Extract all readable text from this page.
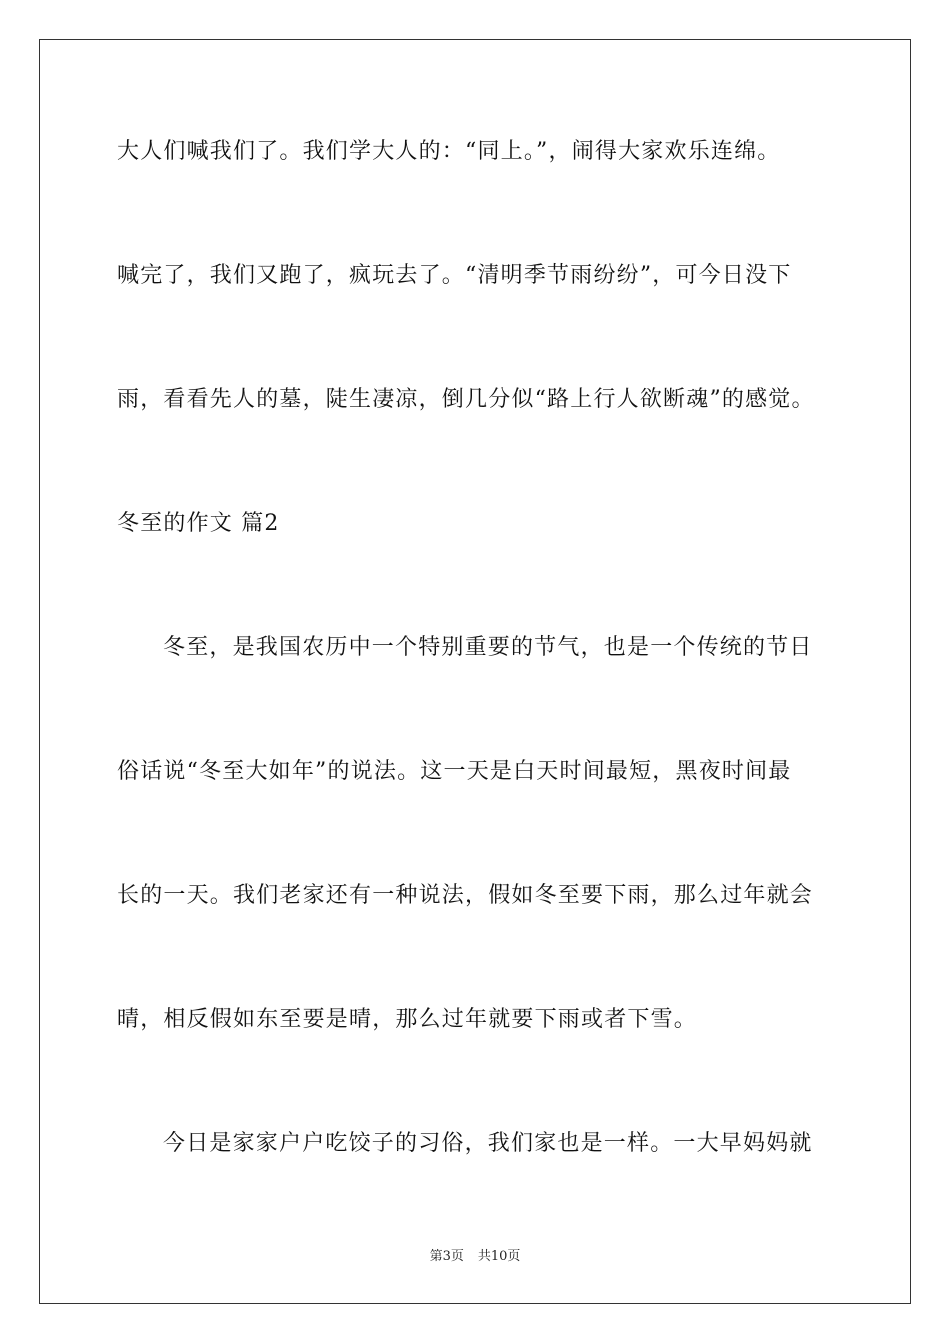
大人们喊我们了。我们学大人的：“同上。”，闹得大家欢乐连绵。
喊完了，我们又跑了，疯玩去了。“清明季节雨纷纷”，可今日没下
雨，看看先人的墓，陡生凄凉，倒几分似“路上行人欲断魂”的感觉。
冬至的作文 篇2
冬至，是我国农历中一个特别重要的节气，也是一个传统的节日
俗话说“冬至大如年”的说法。这一天是白天时间最短，黑夜时间最
长的一天。我们老家还有一种说法，假如冬至要下雨，那么过年就会
晴，相反假如东至要是晴，那么过年就要下雨或者下雪。
今日是家家户户吃饺子的习俗，我们家也是一样。一大早妈妈就
第3页 共10页
